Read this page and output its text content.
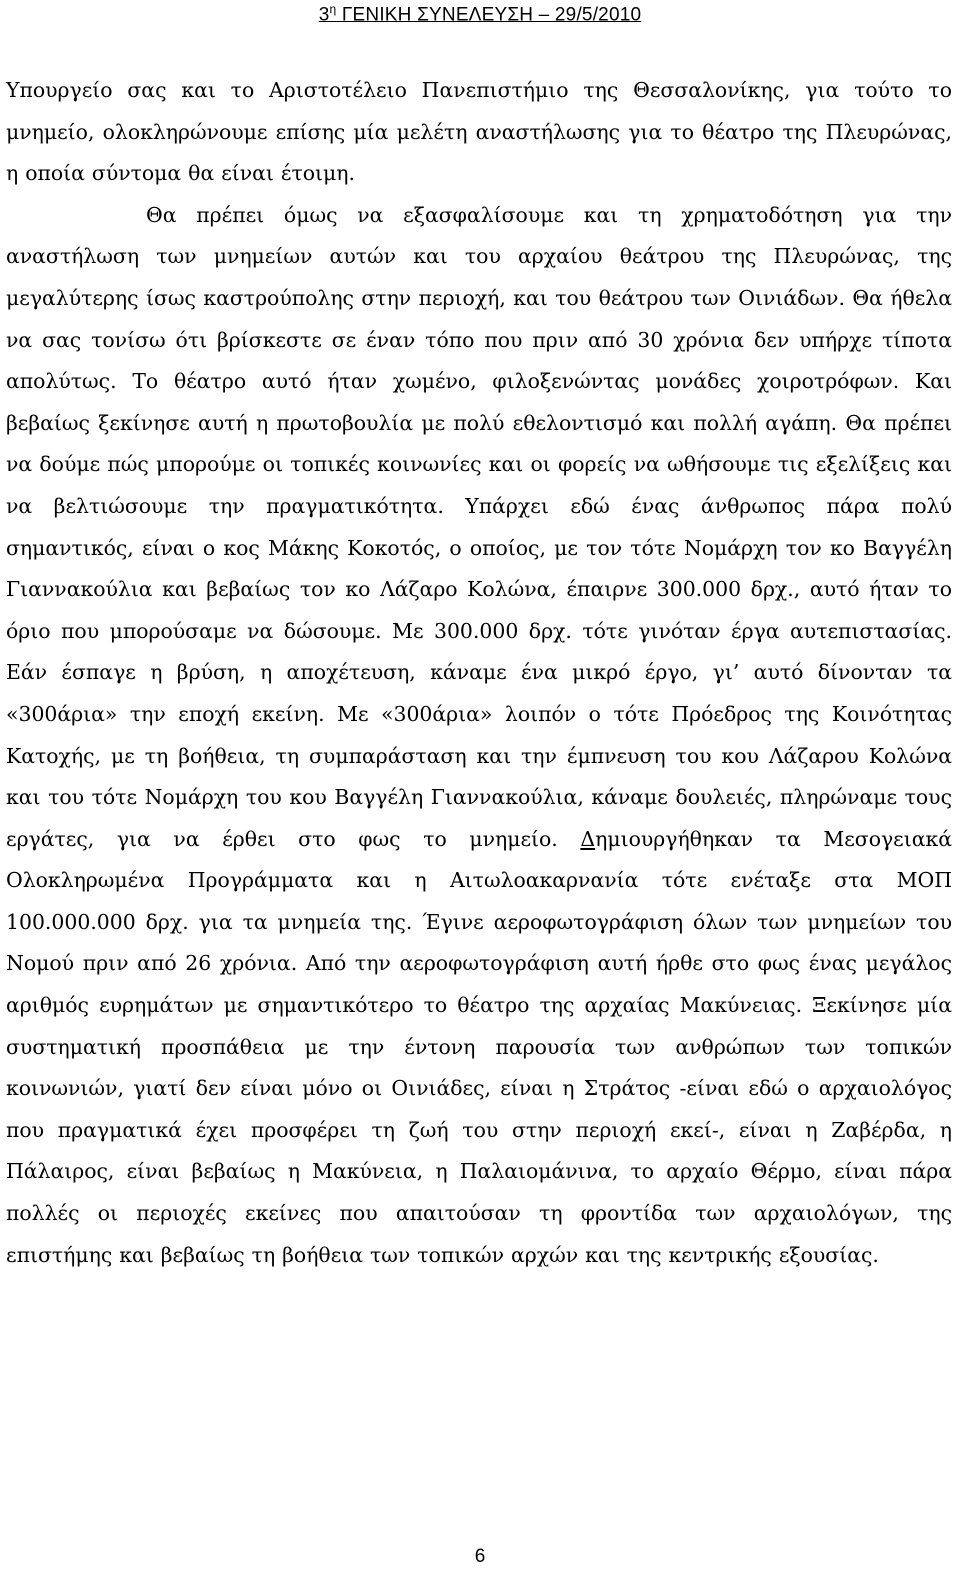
$3^\eta$ ΓΕΝΙΚΗ ΣΥΝΕΛΕΥΣΗ – 29/5/2010

Υπουργείο σας και το Αριστοτέλειο Πανεπιστήμιο της Θεσσαλονίκης, για τούτο το μνημείο, ολοκληρώνουμε επίσης μία μελέτη αναστήλωσης για το θέατρο της Πλευρώνας, η οποία σύντομα θα είναι έτοιμη.

Θα πρέπει όμως να εξασφαλίσουμε και τη χρηματοδότηση για την αναστήλωση των μνημείων αυτών και του αρχαίου θεάτρου της Πλευρώνας, της μεγαλύτερης ίσως καστρούπολης στην περιοχή, και του θεάτρου των Οινιάδων. Θα ήθελα να σας τονίσω ότι βρίσκεστε σε έναν τόπο που πριν από 30 χρόνια δεν υπήρχε τίποτα απολύτως. Το θέατρο αυτό ήταν χωμένο, φιλοξενώντας μονάδες χοιροτρόφων. Και βεβαίως ξεκίνησε αυτή η πρωτοβουλία με πολύ εθελοντισμό και πολλή αγάπη. Θα πρέπει να δούμε πώς μπορούμε οι τοπικές κοινωνίες και οι φορείς να ωθήσουμε τις εξελίξεις και να βελτιώσουμε την πραγματικότητα. Υπάρχει εδώ ένας άνθρωπος πάρα πολύ σημαντικός, είναι ο κος Μάκης Κοκοτός, ο οποίος, με τον τότε Νομάρχη τον κο Βαγγέλη Γιαννακούλια και βεβαίως τον κο Λάζαρο Κολώνα, έπαιρνε 300.000 δρχ., αυτό ήταν το όριο που μπορούσαμε να δώσουμε. Με 300.000 δρχ. τότε γινόταν έργα αυτεπιστασίας. Εάν έσπαγε η βρύση, η αποχέτευση, κάναμε ένα μικρό έργο, γι’ αυτό δίνονταν τα «300άρια» την εποχή εκείνη. Με «300άρια» λοιπόν ο τότε Πρόεδρος της Κοινότητας Κατοχής, με τη βοήθεια, τη συμπαράσταση και την έμπνευση του κου Λάζαρου Κολώνα και του τότε Νομάρχη του κου Βαγγέλη Γιαννακούλια, κάναμε δουλειές, πληρώναμε τους εργάτες, για να έρθει στο φως το μνημείο. Δημιουργήθηκαν τα Μεσογειακά Ολοκληρωμένα Προγράμματα και η Αιτωλοακαρνανία τότε ενέταξε στα ΜΟΠ 100.000.000 δρχ. για τα μνημεία της. Έγινε αεροφωτογράφιση όλων των μνημείων του Νομού πριν από 26 χρόνια. Από την αεροφωτογράφιση αυτή ήρθε στο φως ένας μεγάλος αριθμός ευρημάτων με σημαντικότερο το θέατρο της αρχαίας Μακύνειας. Ξεκίνησε μία συστηματική προσπάθεια με την έντονη παρουσία των ανθρώπων των τοπικών κοινωνιών, γιατί δεν είναι μόνο οι Οινιάδες, είναι η Στράτος -είναι εδώ ο αρχαιολόγος που πραγματικά έχει προσφέρει τη ζωή του στην περιοχή εκεί-, είναι η Ζαβέρδα, η Πάλαιρος, είναι βεβαίως η Μακύνεια, η Παλαιομάνινα, το αρχαίο Θέρμο, είναι πάρα πολλές οι περιοχές εκείνες που απαιτούσαν τη φροντίδα των αρχαιολόγων, της επιστήμης και βεβαίως τη βοήθεια των τοπικών αρχών και της κεντρικής εξουσίας.

6
